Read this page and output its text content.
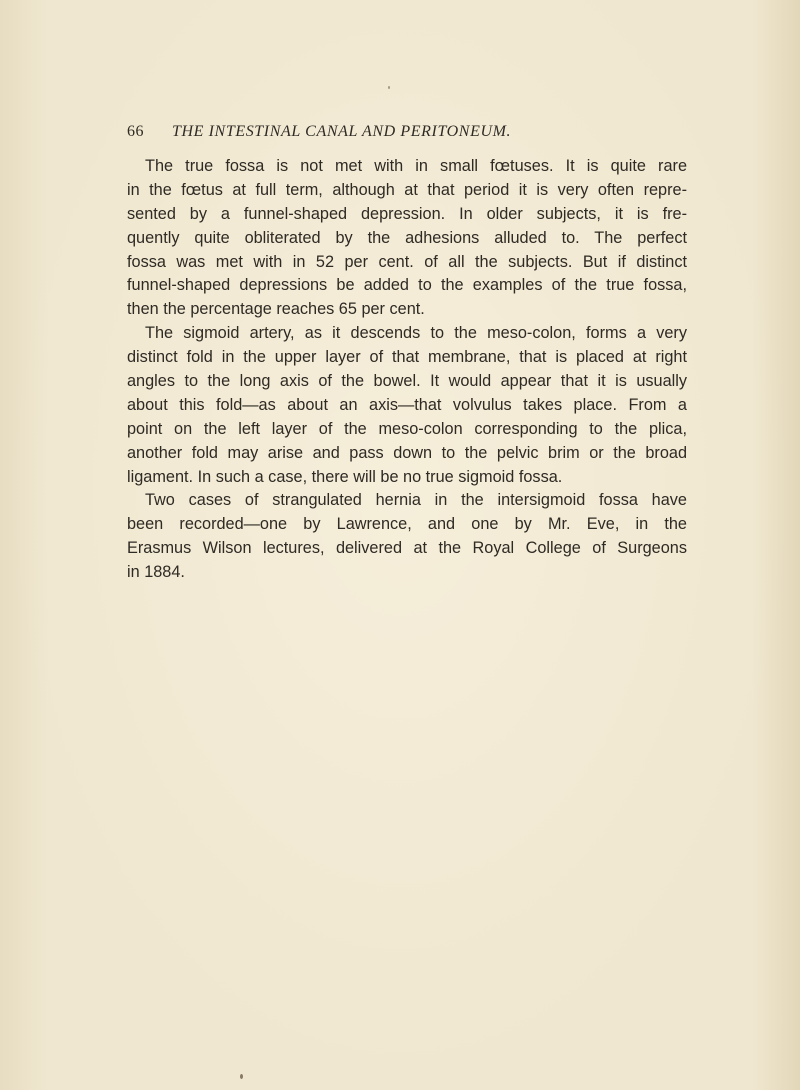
66 THE INTESTINAL CANAL AND PERITONEUM.
The true fossa is not met with in small fœtuses. It is quite rare
in the fœtus at full term, although at that period it is very often repre-
sented by a funnel-shaped depression. In older subjects, it is fre-
quently quite obliterated by the adhesions alluded to. The perfect
fossa was met with in 52 per cent. of all the subjects. But if distinct
funnel-shaped depressions be added to the examples of the true fossa,
then the percentage reaches 65 per cent.
The sigmoid artery, as it descends to the meso-colon, forms a very
distinct fold in the upper layer of that membrane, that is placed at right
angles to the long axis of the bowel. It would appear that it is usually
about this fold—as about an axis—that volvulus takes place. From a
point on the left layer of the meso-colon corresponding to the plica,
another fold may arise and pass down to the pelvic brim or the broad
ligament. In such a case, there will be no true sigmoid fossa.
Two cases of strangulated hernia in the intersigmoid fossa have
been recorded—one by Lawrence, and one by Mr. Eve, in the
Erasmus Wilson lectures, delivered at the Royal College of Surgeons
in 1884.
